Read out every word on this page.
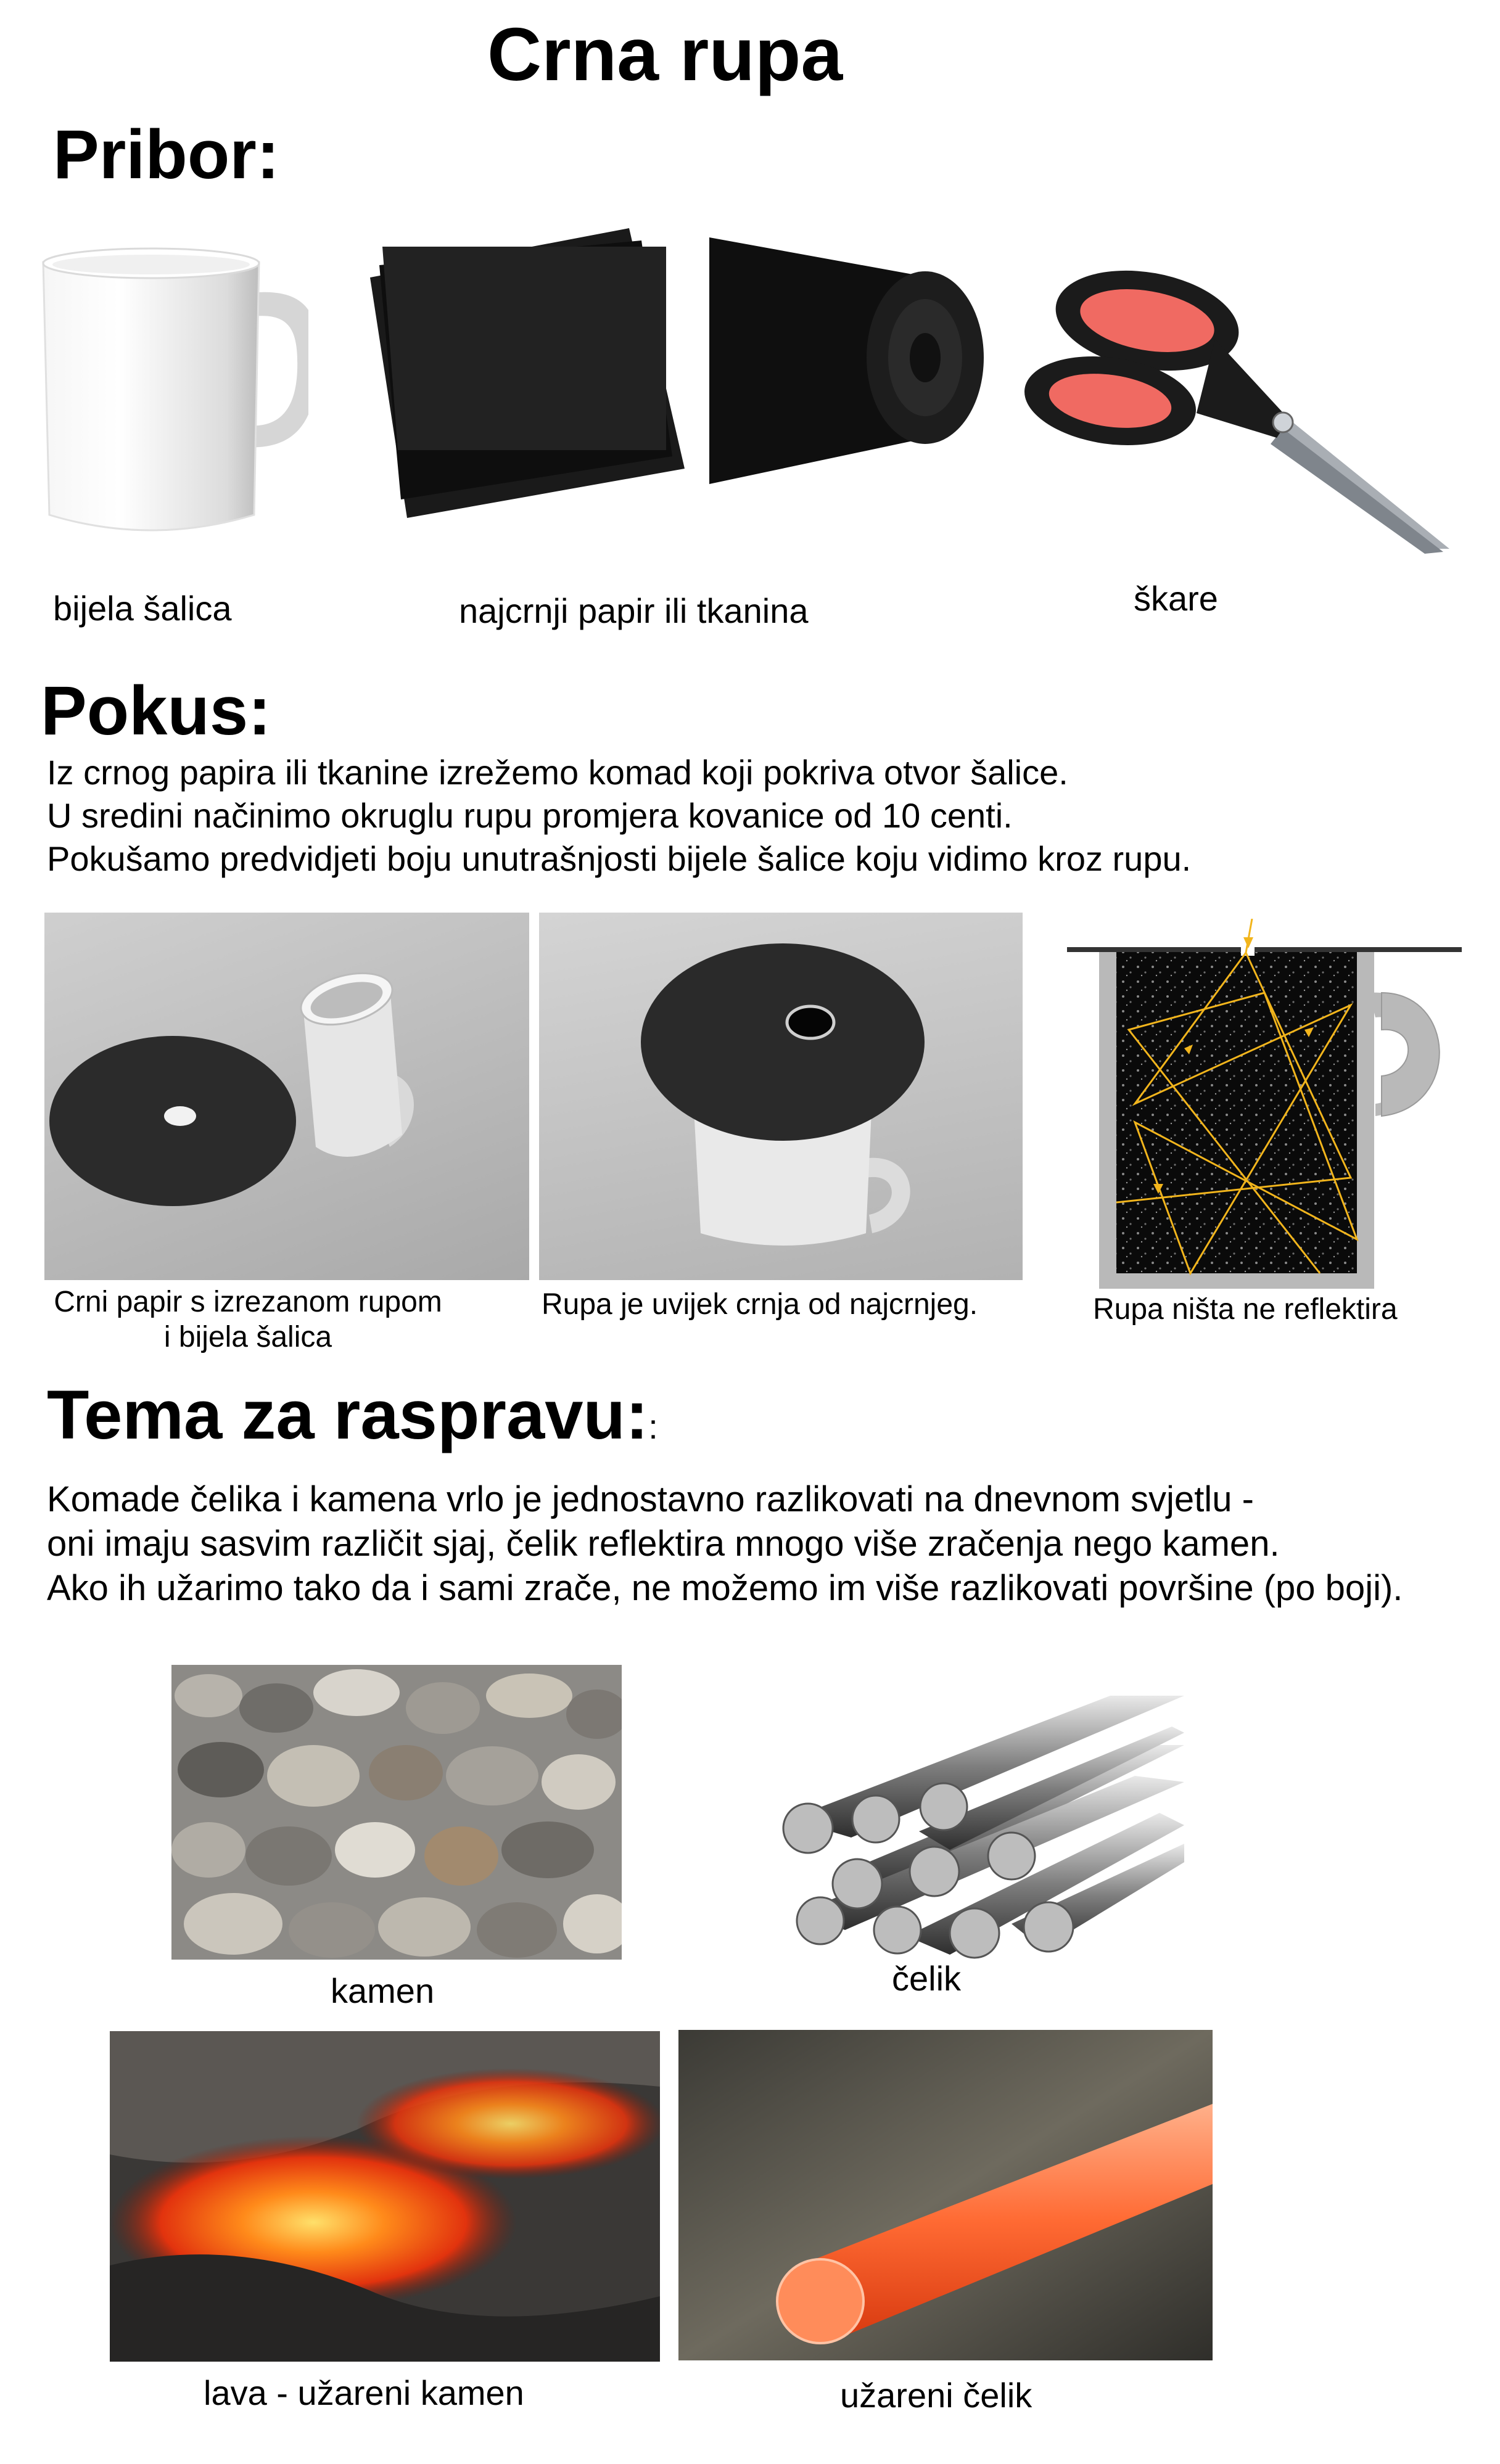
Crna rupa
Pribor:
bijela šalica	najcrnji papir ili tkanina	škare
Pokus:
Iz crnog papira ili tkanine izrežemo komad koji pokriva otvor šalice.
U sredini načinimo okruglu rupu promjera kovanice od 10 centi.
Pokušamo predvidjeti boju unutrašnjosti bijele šalice koju vidimo kroz rupu.
Crni papir s izrezanom rupom
i bijela šalica
Rupa je uvijek crnja od najcrnjeg.	Rupa ništa ne reflektira
Tema za raspravu::
Komade čelika i kamena vrlo je jednostavno razlikovati na dnevnom svjetlu -
oni imaju sasvim različit sjaj, čelik reflektira mnogo više zračenja nego kamen.
Ako ih užarimo tako da i sami zrače, ne možemo im više razlikovati površine (po boji).
kamen	čelik
lava - užareni kamen	užareni čelik
